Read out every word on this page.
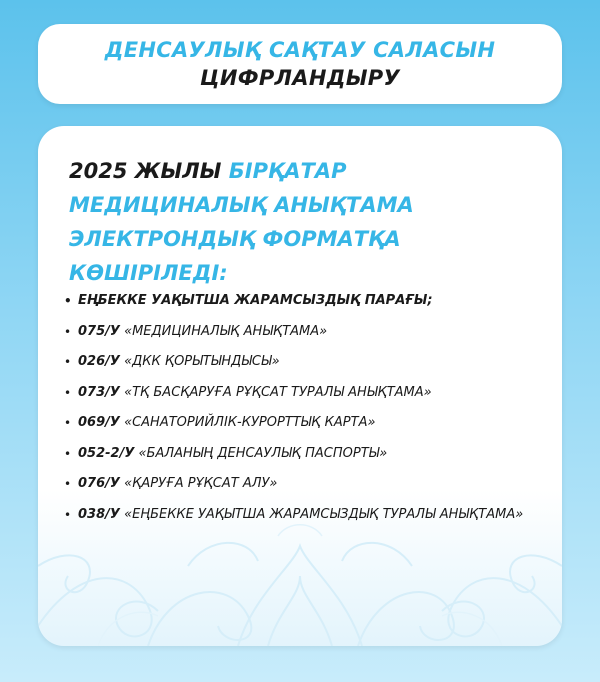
ДЕНСАУЛЫҚ САҚТАУ САЛАСЫН
ЦИФРЛАНДЫРУ
2025 ЖЫЛЫ БІРҚАТАР
МЕДИЦИНАЛЫҚ АНЫҚТАМА
ЭЛЕКТРОНДЫҚ ФОРМАТҚА
КӨШІРІЛЕДІ:
• ЕҢБЕККЕ УАҚЫТША ЖАРАМСЫЗДЫҚ ПАРАҒЫ;
• 075/У «МЕДИЦИНАЛЫҚ АНЫҚТАМА»
• 026/У «ДКК ҚОРЫТЫНДЫСЫ»
• 073/У «ТҚ БАСҚАРУҒА РҰҚСАТ ТУРАЛЫ АНЫҚТАМА»
• 069/У «САНАТОРИЙЛІК-КУРОРТТЫҚ КАРТА»
• 052-2/У «БАЛАНЫҢ ДЕНСАУЛЫҚ ПАСПОРТЫ»
• 076/У «ҚАРУҒА РҰҚСАТ АЛУ»
• 038/У «ЕҢБЕККЕ УАҚЫТША ЖАРАМСЫЗДЫҚ ТУРАЛЫ АНЫҚТАМА»
